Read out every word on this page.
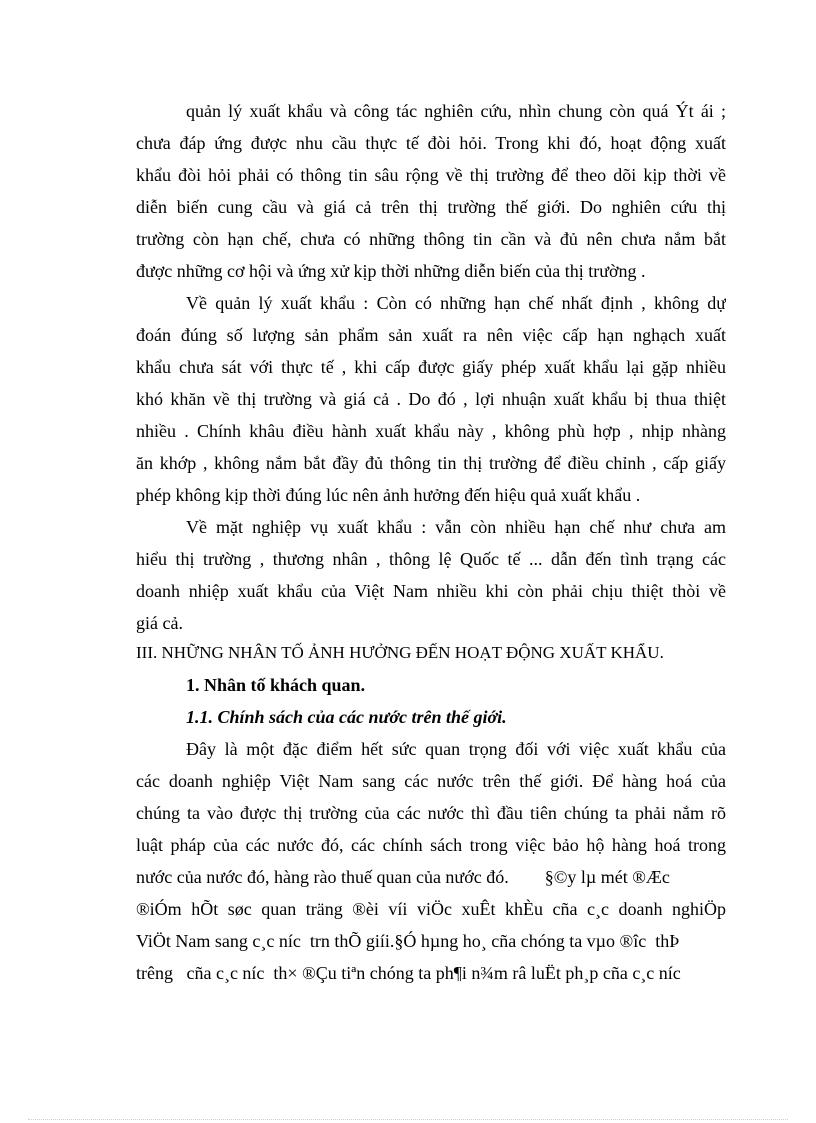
quản lý xuất khẩu và công tác nghiên cứu, nhìn chung còn quá Ýt ái ;
chưa đáp ứng được nhu cầu thực tế đòi hỏi. Trong khi đó, hoạt động xuất
khẩu đòi hỏi phải có thông tin sâu rộng về thị trường để theo dõi kịp thời về
diễn biến cung cầu và giá cả trên thị trường thế giới. Do nghiên cứu thị
trường còn hạn chế, chưa có những thông tin cần và đủ nên chưa nắm bắt
được những cơ hội và ứng xử kịp thời những diễn biến của thị trường .
Về quản lý xuất khẩu : Còn có những hạn chế nhất định , không dự
đoán đúng số lượng sản phẩm sản xuất ra nên việc cấp hạn nghạch xuất
khẩu chưa sát với thực tế , khi cấp được giấy phép xuất khẩu lại gặp nhiều
khó khăn về thị trường và giá cả . Do đó , lợi nhuận xuất khẩu bị thua thiệt
nhiều . Chính khâu điều hành xuất khẩu này , không phù hợp , nhịp nhàng
ăn khớp , không nắm bắt đầy đủ thông tin thị trường để điều chỉnh , cấp giấy
phép không kịp thời đúng lúc nên ảnh hưởng đến hiệu quả xuất khẩu .
Về mặt nghiệp vụ xuất khẩu : vẫn còn nhiều hạn chế như chưa am
hiểu thị trường , thương nhân , thông lệ Quốc tế ... dẫn đến tình trạng các
doanh nhiệp xuất khẩu của Việt Nam nhiều khi còn phải chịu thiệt thòi về
giá cả.
III. NHỮNG NHÂN TỐ ẢNH HƯỞNG ĐẾN HOẠT ĐỘNG XUẤT KHẨU.
1. Nhân tố khách quan.
1.1. Chính sách của các nước trên thế giới.
Đây là một đặc điểm hết sức quan trọng đối với việc xuất khẩu của
các doanh nghiệp Việt Nam sang các nước trên thế giới. Để hàng hoá của
chúng ta vào được thị trường của các nước thì đầu tiên chúng ta phải nắm rõ
luật pháp của các nước đó, các chính sách trong việc bảo hộ hàng hoá trong
nước của nước đó, hàng rào thuế quan của nước đó.        §©y lµ mét ®Æc
®iÓm hÕt søc quan träng ®èi víi viÖc xuÊt khÈu cña c¸c doanh nghiÖp
ViÖt Nam sang c¸c níc  trn thÕ giíi.§Ó hµng ho¸ cña chóng ta vµo ®îc  thÞ
trêng   cña c¸c níc  th× ®Çu tiªn chóng ta ph¶i n¾m râ luËt ph¸p cña c¸c níc
